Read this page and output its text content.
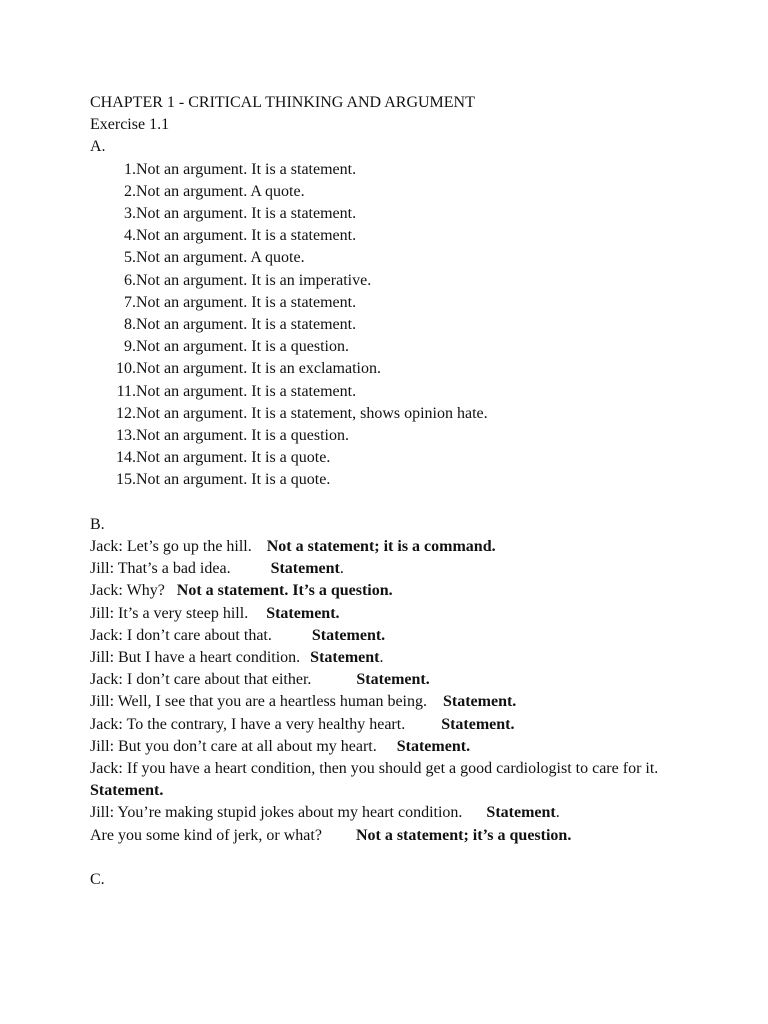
CHAPTER 1 - CRITICAL THINKING AND ARGUMENT
Exercise 1.1
A.
1. Not an argument. It is a statement.
2. Not an argument. A quote.
3. Not an argument. It is a statement.
4. Not an argument. It is a statement.
5. Not an argument. A quote.
6. Not an argument. It is an imperative.
7. Not an argument. It is a statement.
8. Not an argument. It is a statement.
9. Not an argument. It is a question.
10. Not an argument. It is an exclamation.
11. Not an argument. It is a statement.
12. Not an argument. It is a statement, shows opinion hate.
13. Not an argument. It is a question.
14. Not an argument. It is a quote.
15. Not an argument. It is a quote.
B.
Jack: Let’s go up the hill. Not a statement; it is a command.
Jill: That’s a bad idea.	Statement.
Jack: Why? Not a statement. It’s a question.
Jill: It’s a very steep hill. Statement.
Jack: I don’t care about that.	Statement.
Jill: But I have a heart condition. Statement.
Jack: I don’t care about that either.	Statement.
Jill: Well, I see that you are a heartless human being. Statement.
Jack: To the contrary, I have a very healthy heart. Statement.
Jill: But you don’t care at all about my heart. Statement.
Jack: If you have a heart condition, then you should get a good cardiologist to care for it.
Statement.
Jill: You’re making stupid jokes about my heart condition. Statement.
Are you some kind of jerk, or what? Not a statement; it’s a question.
C.
